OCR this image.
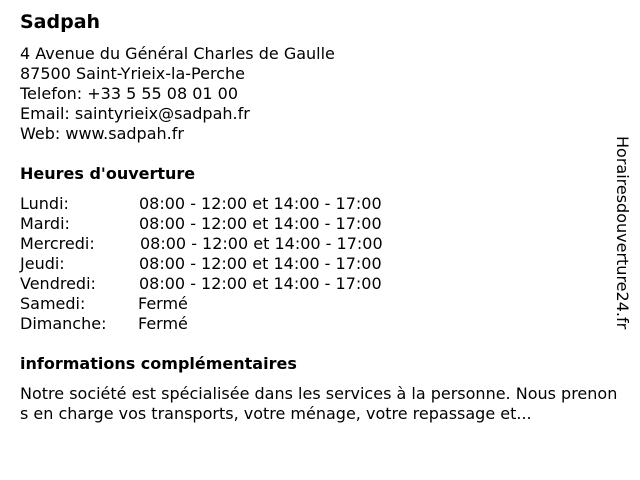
Sadpah
4 Avenue du Général Charles de Gaulle
87500 Saint-Yrieix-la-Perche
Telefon: +33 5 55 08 01 00
Email: saintyrieix@sadpah.fr
Web: www.sadpah.fr
Heures d'ouverture
Lundi:	08:00 - 12:00 et 14:00 - 17:00
Mardi:	08:00 - 12:00 et 14:00 - 17:00
Mercredi:	08:00 - 12:00 et 14:00 - 17:00
Jeudi:	08:00 - 12:00 et 14:00 - 17:00
Vendredi:	08:00 - 12:00 et 14:00 - 17:00
Samedi:	Fermé
Dimanche: Fermé
informations complémentaires
Notre société est spécialisée dans les services à la personne. Nous prenons en charge vos transports, votre ménage, votre repassage et...
Horairesdouverture24.fr
